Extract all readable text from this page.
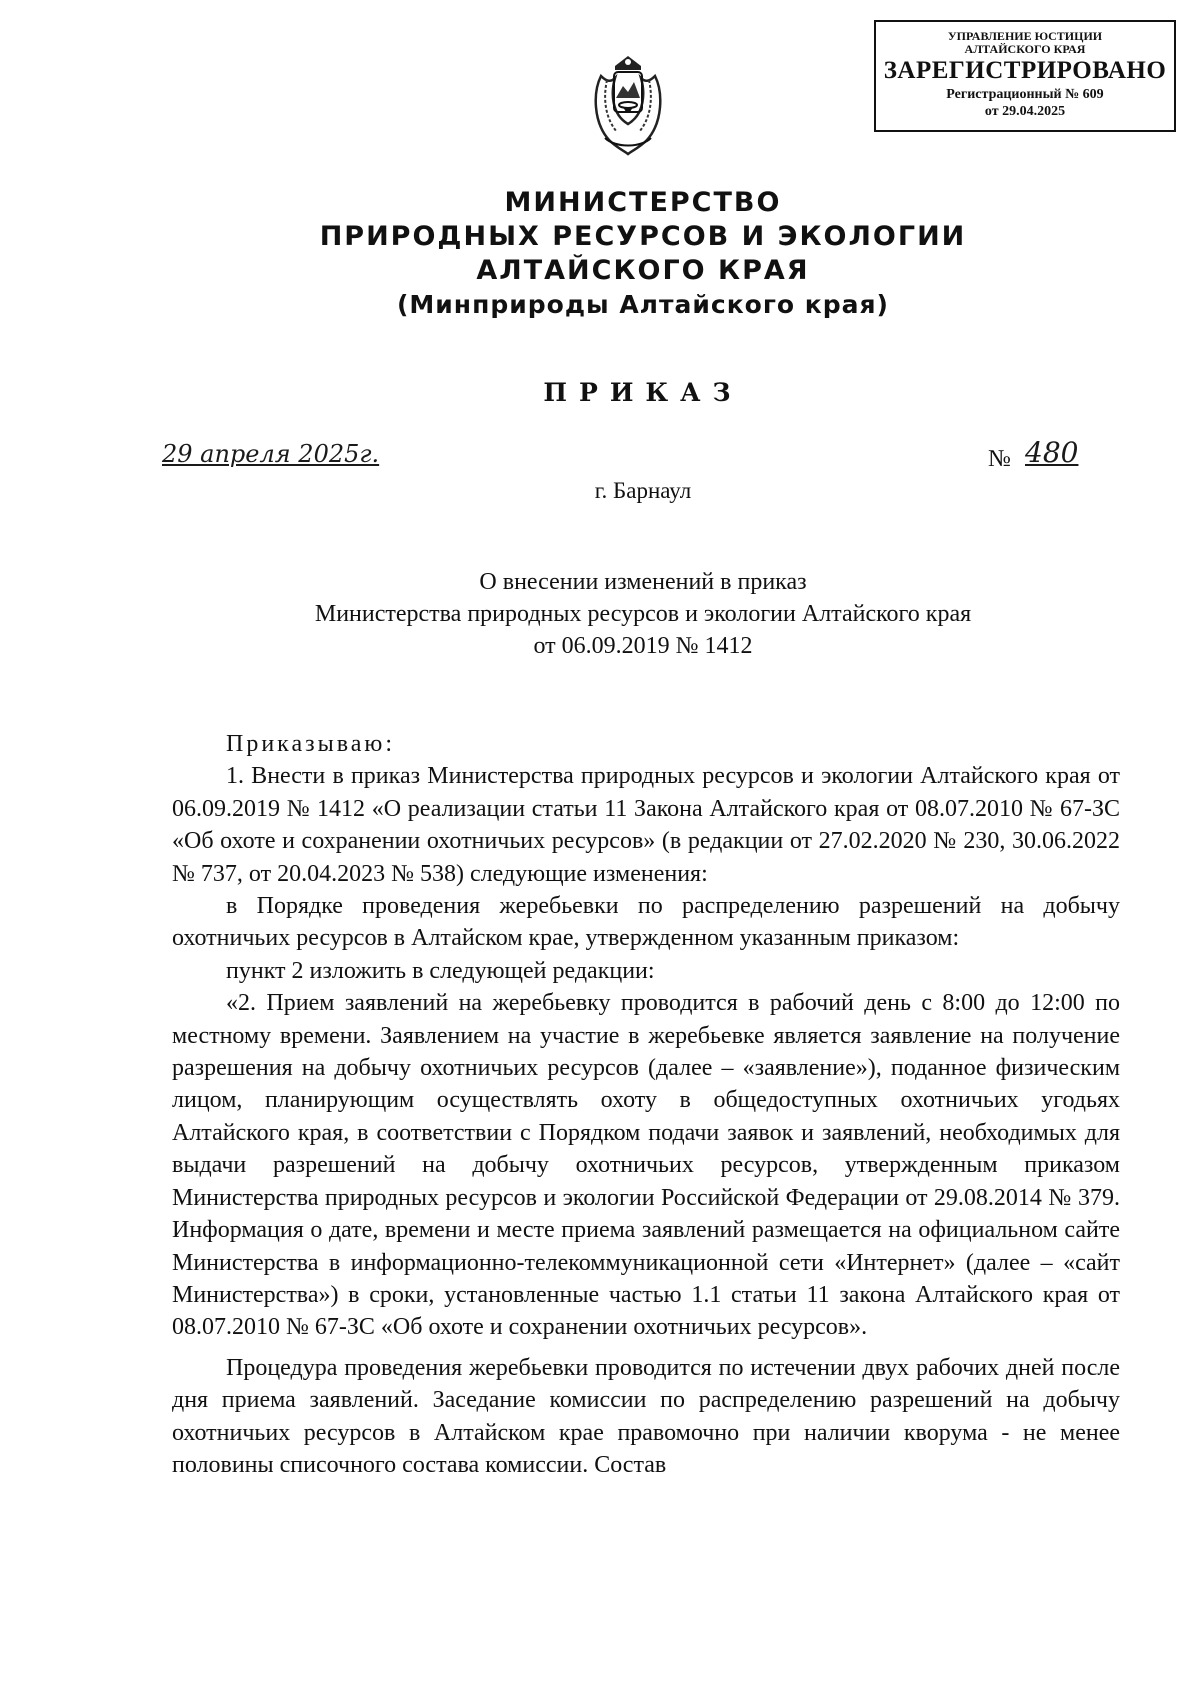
УПРАВЛЕНИЕ ЮСТИЦИИ
АЛТАЙСКОГО КРАЯ
ЗАРЕГИСТРИРОВАНО
Регистрационный № 609
от 29.04.2025
МИНИСТЕРСТВО
ПРИРОДНЫХ РЕСУРСОВ И ЭКОЛОГИИ
АЛТАЙСКОГО КРАЯ
(Минприроды Алтайского края)
ПРИКАЗ
29 апреля 2025г.	№ 480
г. Барнаул
О внесении изменений в приказ
Министерства природных ресурсов и экологии Алтайского края
от 06.09.2019 № 1412

Приказываю:

1. Внести в приказ Министерства природных ресурсов и экологии Алтайского края от 06.09.2019 № 1412 «О реализации статьи 11 Закона Алтайского края от 08.07.2010 № 67-ЗС «Об охоте и сохранении охотничьих ресурсов» (в редакции от 27.02.2020 № 230, 30.06.2022 № 737, от 20.04.2023 № 538) следующие изменения:

в Порядке проведения жеребьевки по распределению разрешений на добычу охотничьих ресурсов в Алтайском крае, утвержденном указанным приказом:

пункт 2 изложить в следующей редакции:

«2. Прием заявлений на жеребьевку проводится в рабочий день с 8:00 до 12:00 по местному времени. Заявлением на участие в жеребьевке является заявление на получение разрешения на добычу охотничьих ресурсов (далее – «заявление»), поданное физическим лицом, планирующим осуществлять охоту в общедоступных охотничьих угодьях Алтайского края, в соответствии с Порядком подачи заявок и заявлений, необходимых для выдачи разрешений на добычу охотничьих ресурсов, утвержденным приказом Министерства природных ресурсов и экологии Российской Федерации от 29.08.2014 № 379. Информация о дате, времени и месте приема заявлений размещается на официальном сайте Министерства в информационно-телекоммуникационной сети «Интернет» (далее – «сайт Министерства») в сроки, установленные частью 1.1 статьи 11 закона Алтайского края от 08.07.2010 № 67-ЗС «Об охоте и сохранении охотничьих ресурсов».

Процедура проведения жеребьевки проводится по истечении двух рабочих дней после дня приема заявлений. Заседание комиссии по распределению разрешений на добычу охотничьих ресурсов в Алтайском крае правомочно при наличии кворума - не менее половины списочного состава комиссии. Состав
